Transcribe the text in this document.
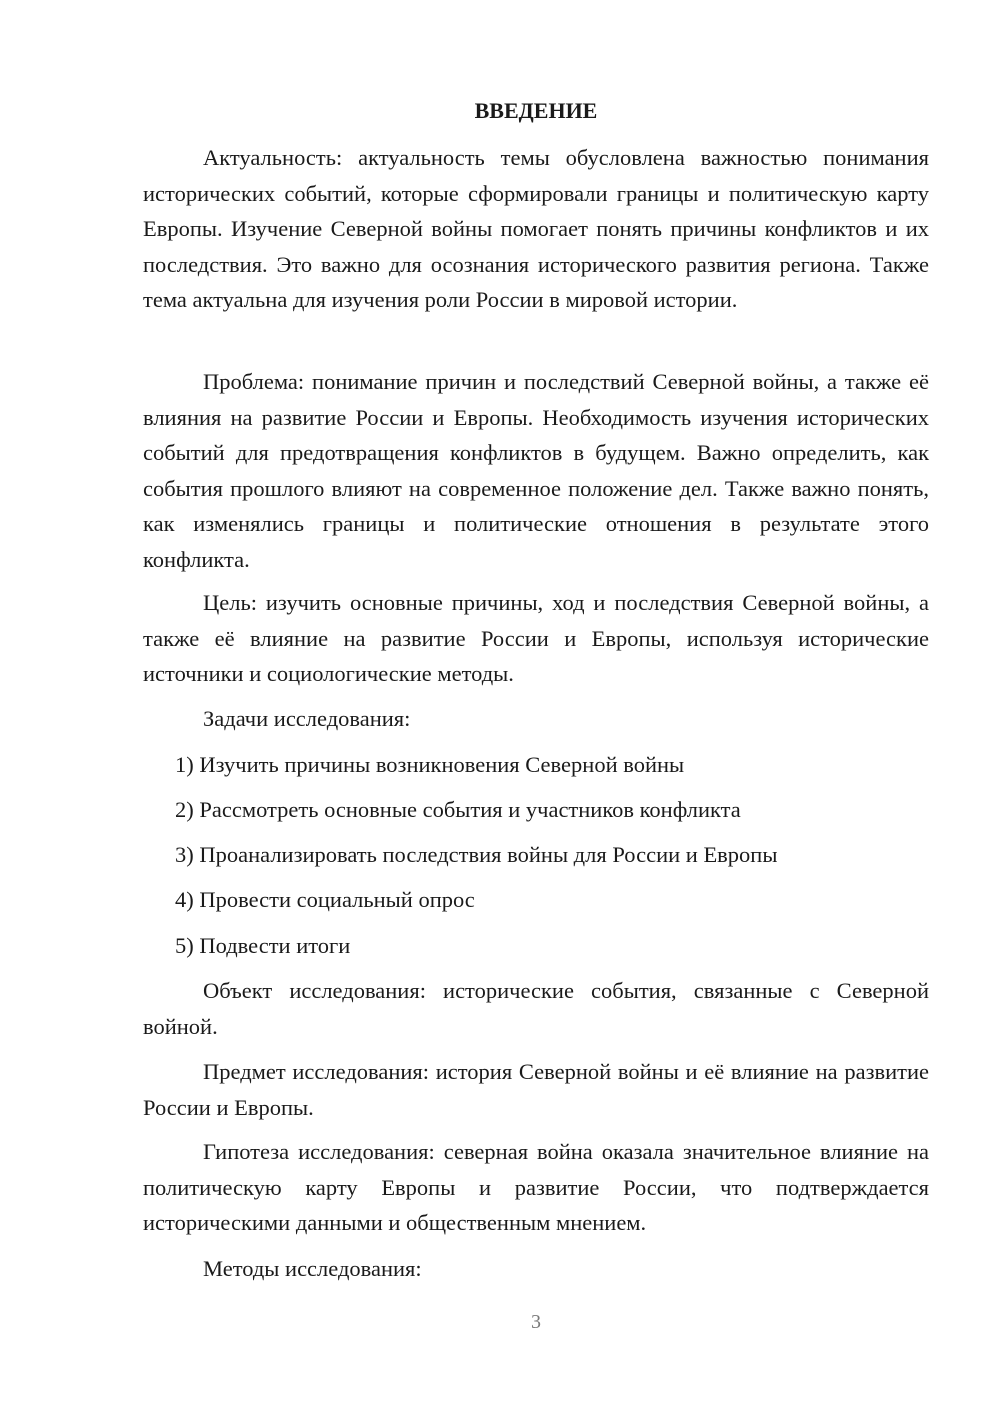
ВВЕДЕНИЕ

Актуальность: актуальность темы обусловлена важностью понимания исторических событий, которые сформировали границы и политическую карту Европы. Изучение Северной войны помогает понять причины конфликтов и их последствия. Это важно для осознания исторического развития региона. Также тема актуальна для изучения роли России в мировой истории.

Проблема: понимание причин и последствий Северной войны, а также её влияния на развитие России и Европы. Необходимость изучения исторических событий для предотвращения конфликтов в будущем. Важно определить, как события прошлого влияют на современное положение дел. Также важно понять, как изменялись границы и политические отношения в результате этого конфликта.

Цель: изучить основные причины, ход и последствия Северной войны, а также её влияние на развитие России и Европы, используя исторические источники и социологические методы.

Задачи исследования:

1) Изучить причины возникновения Северной войны

2) Рассмотреть основные события и участников конфликта

3) Проанализировать последствия войны для России и Европы

4) Провести социальный опрос

5) Подвести итоги

Объект исследования: исторические события, связанные с Северной войной.

Предмет исследования: история Северной войны и её влияние на развитие России и Европы.

Гипотеза исследования: северная война оказала значительное влияние на политическую карту Европы и развитие России, что подтверждается историческими данными и общественным мнением.

Методы исследования:

3
